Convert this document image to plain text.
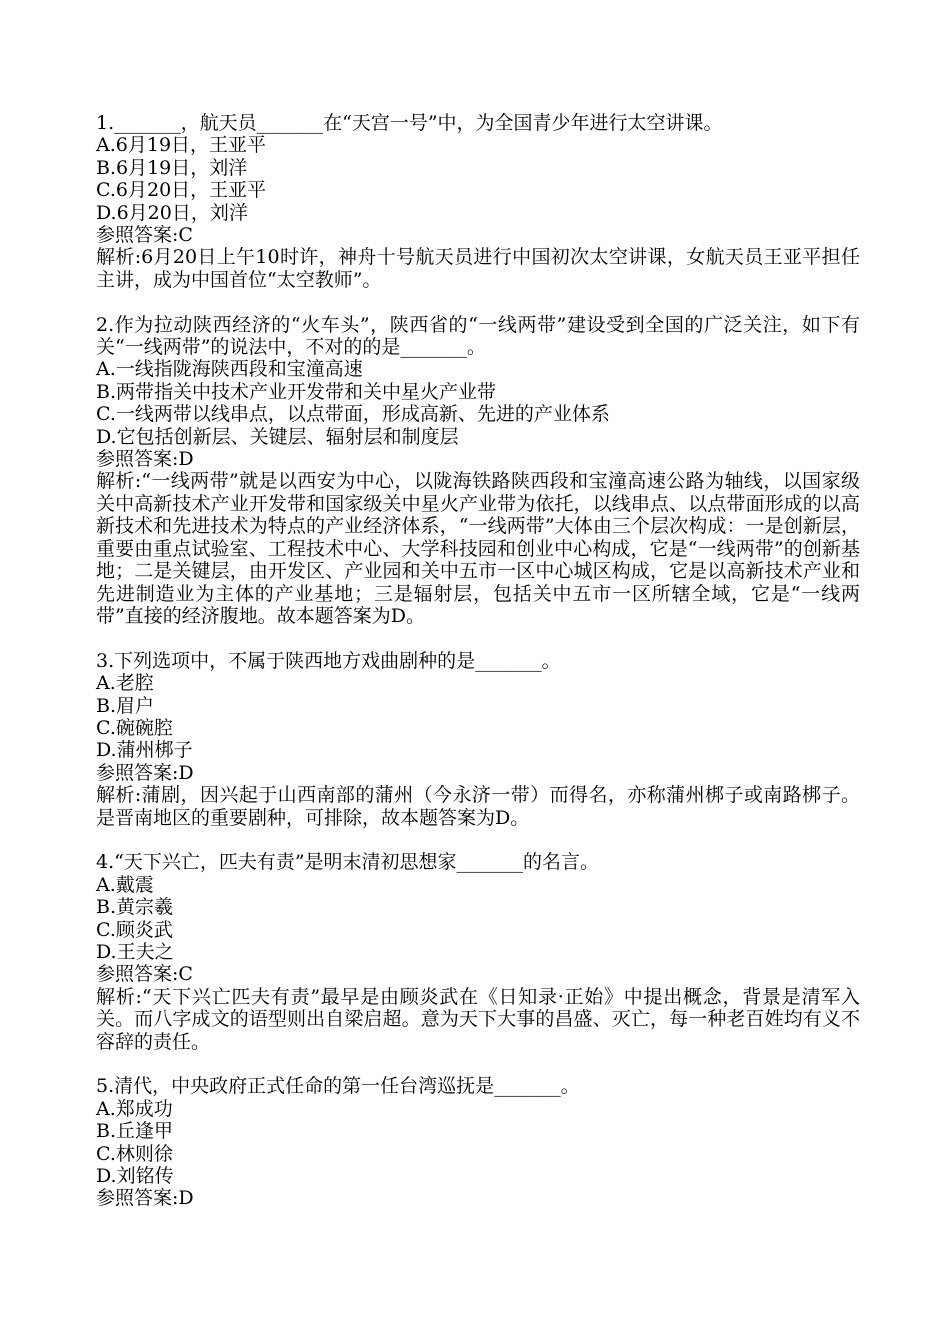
1._______，航天员_______在“天宫一号”中，为全国青少年进行太空讲课。
A.6月19日，王亚平
B.6月19日，刘洋
C.6月20日，王亚平
D.6月20日，刘洋
参照答案:C
解析:6月20日上午10时许，神舟十号航天员进行中国初次太空讲课，女航天员王亚平担任主讲，成为中国首位“太空教师”。
2.作为拉动陕西经济的“火车头”，陕西省的“一线两带”建设受到全国的广泛关注，如下有关“一线两带”的说法中，不对的的是_______。
A.一线指陇海陕西段和宝潼高速
B.两带指关中技术产业开发带和关中星火产业带
C.一线两带以线串点，以点带面，形成高新、先进的产业体系
D.它包括创新层、关键层、辐射层和制度层
参照答案:D
解析:“一线两带”就是以西安为中心，以陇海铁路陕西段和宝潼高速公路为轴线，以国家级关中高新技术产业开发带和国家级关中星火产业带为依托，以线串点、以点带面形成的以高新技术和先进技术为特点的产业经济体系，“一线两带”大体由三个层次构成：一是创新层，重要由重点试验室、工程技术中心、大学科技园和创业中心构成，它是“一线两带”的创新基地；二是关键层，由开发区、产业园和关中五市一区中心城区构成，它是以高新技术产业和先进制造业为主体的产业基地；三是辐射层，包括关中五市一区所辖全域，它是“一线两带”直接的经济腹地。故本题答案为D。
3.下列选项中，不属于陕西地方戏曲剧种的是_______。
A.老腔
B.眉户
C.碗碗腔
D.蒲州梆子
参照答案:D
解析:蒲剧，因兴起于山西南部的蒲州（今永济一带）而得名，亦称蒲州梆子或南路梆子。是晋南地区的重要剧种，可排除，故本题答案为D。
4.“天下兴亡，匹夫有责”是明末清初思想家_______的名言。
A.戴震
B.黄宗羲
C.顾炎武
D.王夫之
参照答案:C
解析:“天下兴亡匹夫有责”最早是由顾炎武在《日知录·正始》中提出概念，背景是清军入关。而八字成文的语型则出自梁启超。意为天下大事的昌盛、灭亡，每一种老百姓均有义不容辞的责任。
5.清代，中央政府正式任命的第一任台湾巡抚是_______。
A.郑成功
B.丘逢甲
C.林则徐
D.刘铭传
参照答案:D
